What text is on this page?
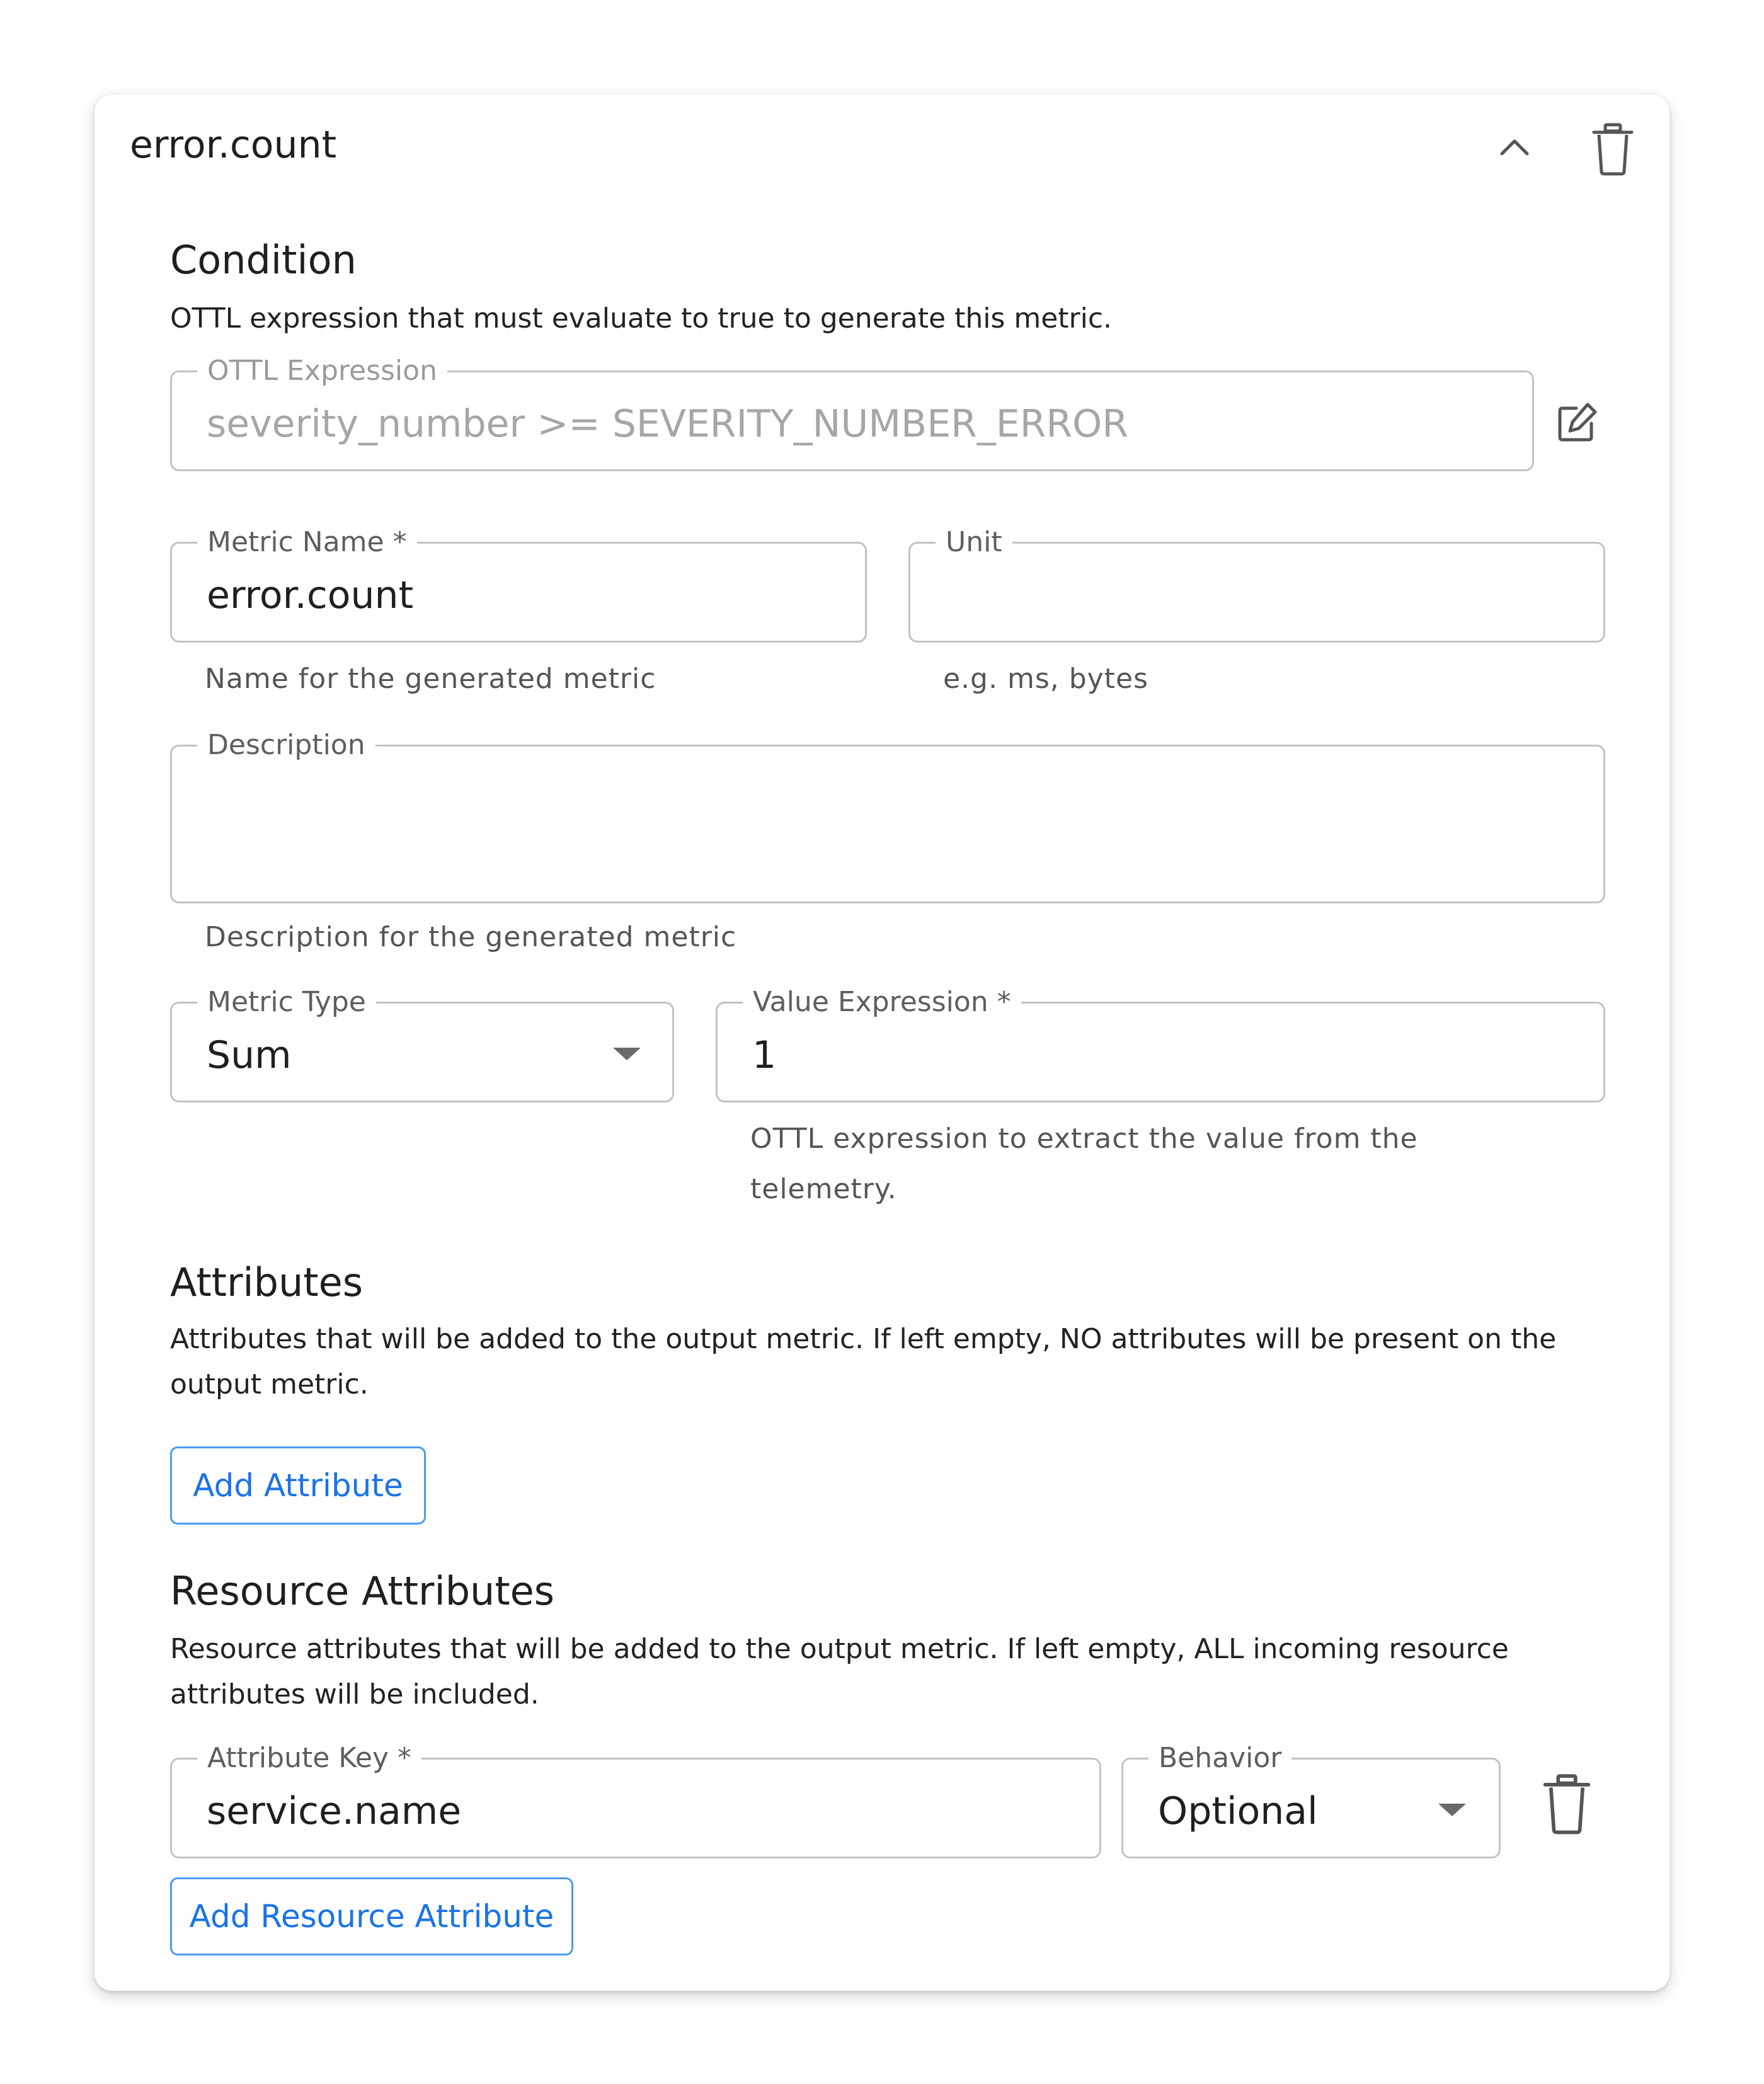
error.count
Condition
OTTL expression that must evaluate to true to generate this metric.
OTTL Expression
severity_number >= SEVERITY_NUMBER_ERROR
Metric Name *
error.count
Name for the generated metric
Unit
e.g. ms, bytes
Description
Description for the generated metric
Metric Type
Sum
Value Expression *
1
OTTL expression to extract the value from the
telemetry.
Attributes
Attributes that will be added to the output metric. If left empty, NO attributes will be present on the
output metric.
Add Attribute
Resource Attributes
Resource attributes that will be added to the output metric. If left empty, ALL incoming resource
attributes will be included.
Attribute Key *
service.name
Behavior
Optional
Add Resource Attribute
